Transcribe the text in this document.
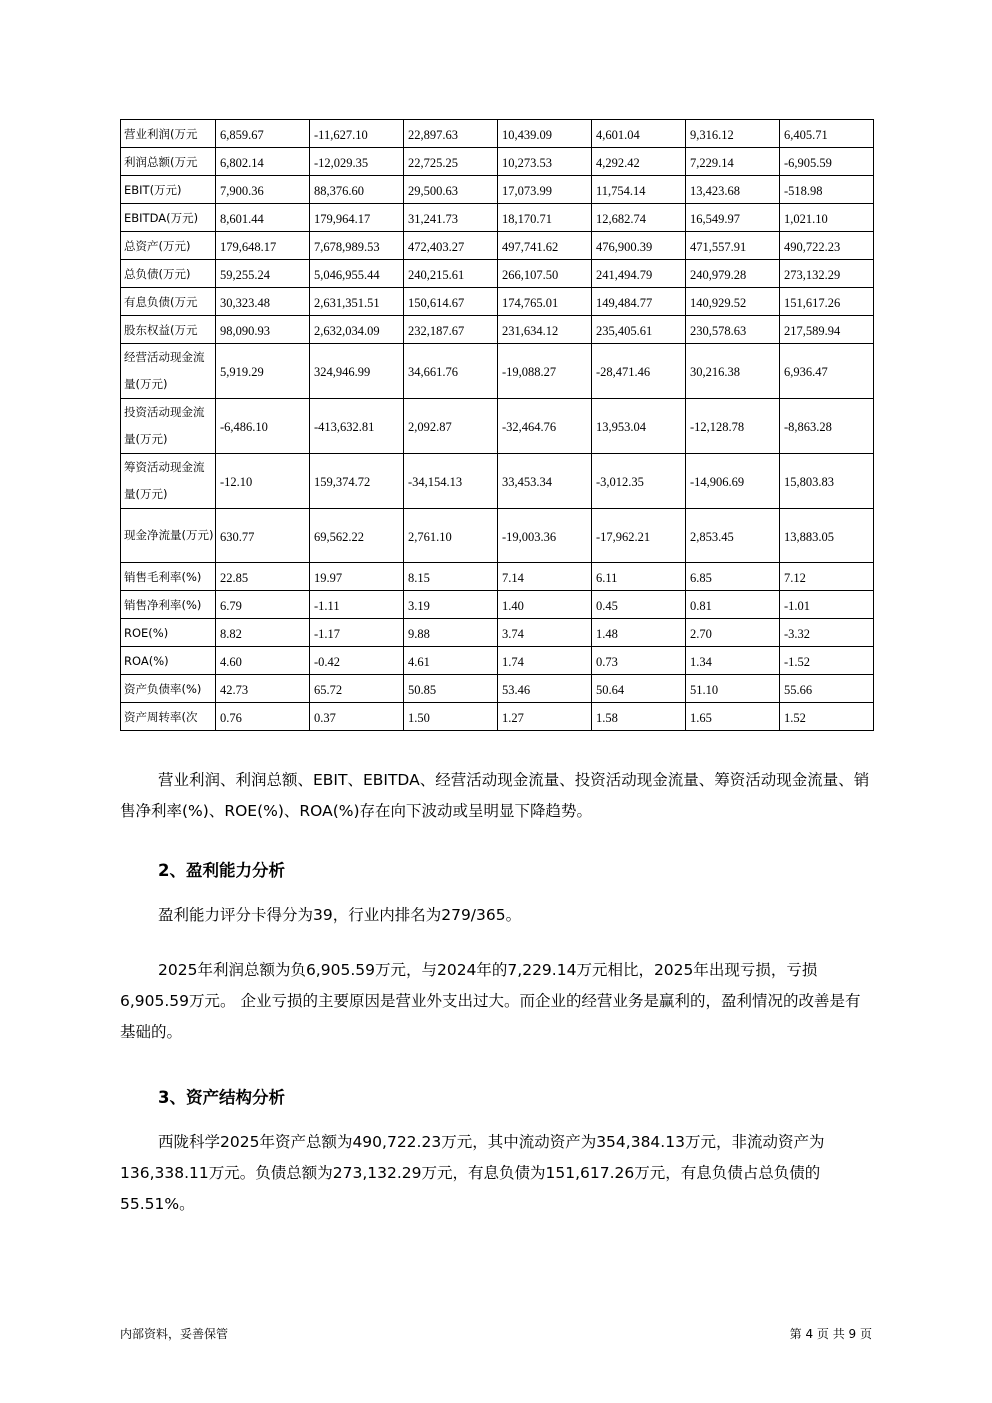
营业利润(万元	6,859.67	-11,627.10	22,897.63	10,439.09	4,601.04	9,316.12	6,405.71
利润总额(万元	6,802.14	-12,029.35	22,725.25	10,273.53	4,292.42	7,229.14	-6,905.59
EBIT(万元)	7,900.36	88,376.60	29,500.63	17,073.99	11,754.14	13,423.68	-518.98
EBITDA(万元)	8,601.44	179,964.17	31,241.73	18,170.71	12,682.74	16,549.97	1,021.10
总资产(万元)	179,648.17	7,678,989.53	472,403.27	497,741.62	476,900.39	471,557.91	490,722.23
总负债(万元)	59,255.24	5,046,955.44	240,215.61	266,107.50	241,494.79	240,979.28	273,132.29
有息负债(万元	30,323.48	2,631,351.51	150,614.67	174,765.01	149,484.77	140,929.52	151,617.26
股东权益(万元	98,090.93	2,632,034.09	232,187.67	231,634.12	235,405.61	230,578.63	217,589.94
经营活动现金流量(万元)	5,919.29	324,946.99	34,661.76	-19,088.27	-28,471.46	30,216.38	6,936.47
投资活动现金流量(万元)	-6,486.10	-413,632.81	2,092.87	-32,464.76	13,953.04	-12,128.78	-8,863.28
筹资活动现金流量(万元)	-12.10	159,374.72	-34,154.13	33,453.34	-3,012.35	-14,906.69	15,803.83
现金净流量(万元)	630.77	69,562.22	2,761.10	-19,003.36	-17,962.21	2,853.45	13,883.05
销售毛利率(%)	22.85	19.97	8.15	7.14	6.11	6.85	7.12
销售净利率(%)	6.79	-1.11	3.19	1.40	0.45	0.81	-1.01
ROE(%)	8.82	-1.17	9.88	3.74	1.48	2.70	-3.32
ROA(%)	4.60	-0.42	4.61	1.74	0.73	1.34	-1.52
资产负债率(%)	42.73	65.72	50.85	53.46	50.64	51.10	55.66
资产周转率(次	0.76	0.37	1.50	1.27	1.58	1.65	1.52

营业利润、利润总额、EBIT、EBITDA、经营活动现金流量、投资活动现金流量、筹资活动现金流量、销售净利率(%)、ROE(%)、ROA(%)存在向下波动或呈明显下降趋势。

2、盈利能力分析

盈利能力评分卡得分为39，行业内排名为279/365。

2025年利润总额为负6,905.59万元，与2024年的7,229.14万元相比，2025年出现亏损，亏损6,905.59万元。 企业亏损的主要原因是营业外支出过大。而企业的经营业务是赢利的，盈利情况的改善是有基础的。

3、资产结构分析

西陇科学2025年资产总额为490,722.23万元，其中流动资产为354,384.13万元，非流动资产为136,338.11万元。负债总额为273,132.29万元，有息负债为151,617.26万元，有息负债占总负债的55.51%。

内部资料，妥善保管	第 4 页 共 9 页
